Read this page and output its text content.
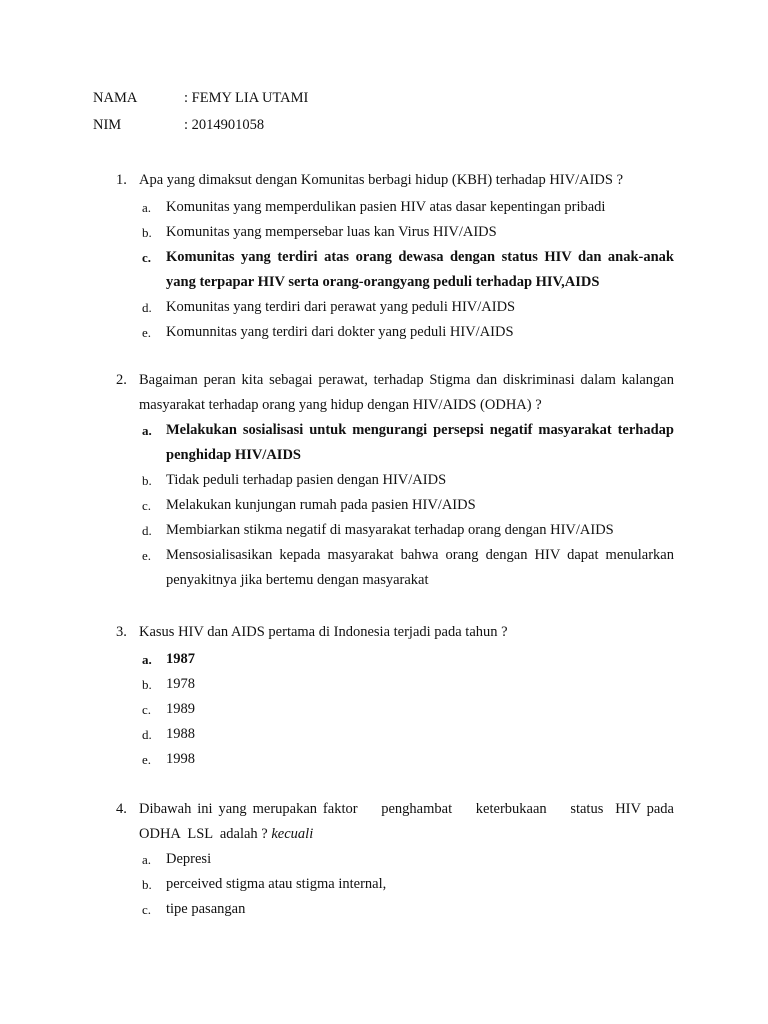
NAMA	: FEMY LIA UTAMI
NIM	: 2014901058
1. Apa yang dimaksut dengan Komunitas berbagi hidup (KBH) terhadap HIV/AIDS ?
a. Komunitas yang memperdulikan pasien HIV atas dasar kepentingan pribadi
b. Komunitas yang mempersebar luas kan Virus HIV/AIDS
c. Komunitas yang terdiri atas orang dewasa dengan status HIV dan anak-anak yang terpapar HIV serta orang-orangyang peduli terhadap HIV,AIDS
d. Komunitas yang terdiri dari perawat yang peduli HIV/AIDS
e. Komunnitas yang terdiri dari dokter yang peduli HIV/AIDS
2. Bagaiman peran kita sebagai perawat, terhadap Stigma dan diskriminasi dalam kalangan masyarakat terhadap orang yang hidup dengan HIV/AIDS (ODHA) ?
a. Melakukan sosialisasi untuk mengurangi persepsi negatif masyarakat terhadap penghidap HIV/AIDS
b. Tidak peduli terhadap pasien dengan HIV/AIDS
c. Melakukan kunjungan rumah pada pasien HIV/AIDS
d. Membiarkan stikma negatif di masyarakat terhadap orang dengan HIV/AIDS
e. Mensosialisasikan kepada masyarakat bahwa orang dengan HIV dapat menularkan penyakitnya jika bertemu dengan masyarakat
3. Kasus HIV dan AIDS pertama di Indonesia terjadi pada tahun ?
a. 1987
b. 1978
c. 1989
d. 1988
e. 1998
4. Dibawah ini yang merupakan faktor    penghambat    keterbukaan    status  HIV pada
ODHA  LSL  adalah ? kecuali
a. Depresi
b. perceived stigma atau stigma internal,
c. tipe pasangan
